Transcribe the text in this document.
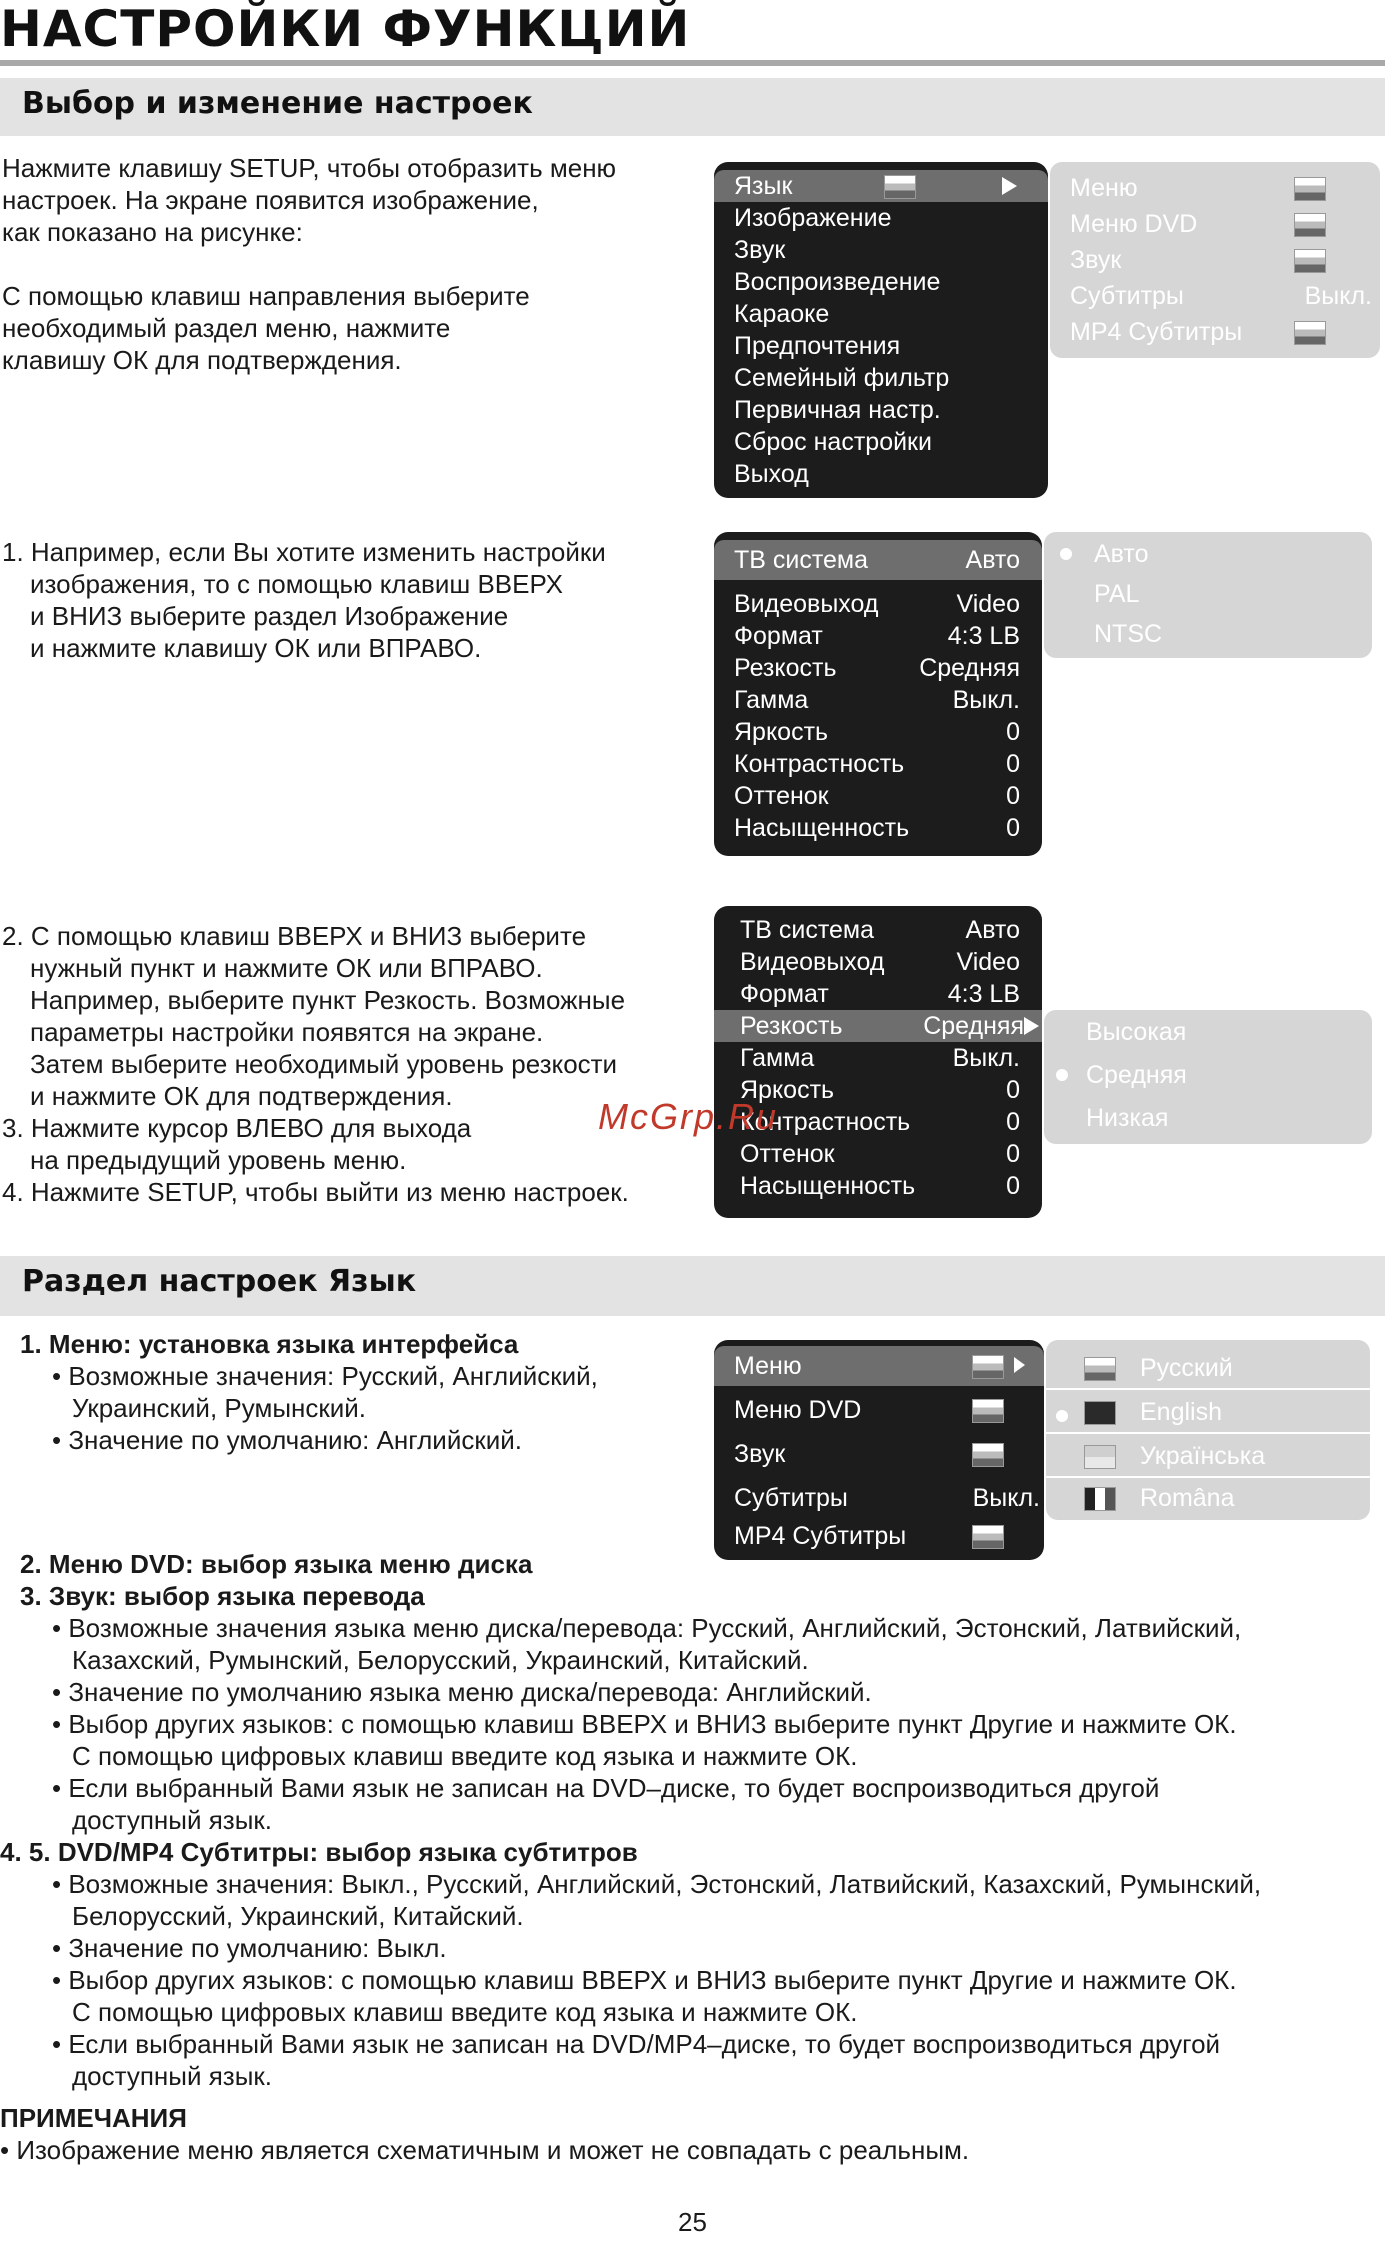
НАСТРОЙКИ ФУНКЦИЙ
Выбор и изменение настроек

Нажмите клавишу SETUP, чтобы отобразить меню

настроек. На экране появится изображение,

как показано на рисунке:

С помощью клавиш направления выберите

необходимый раздел меню, нажмите

клавишу ОК для подтверждения.

Язык
Изображение
Звук
Воспроизведение
Караоке
Предпочтения
Семейный фильтр
Первичная настр.
Сброс настройки
Выход
Меню
Меню DVD
Звук
Субтитры	Выкл.
MP4 Субтитры

1. Например, если Вы хотите изменить настройки

изображения, то с помощью клавиш ВВЕРХ

и ВНИЗ выберите раздел Изображение

и нажмите клавишу ОК или ВПРАВО.

ТВ система	Авто
Видеовыход	Video
Формат	4:3 LB
Резкость	Средняя
Гамма	Выкл.
Яркость	0
Контрастность	0
Оттенок	0
Насыщенность	0
Авто
PAL
NTSC

2. С помощью клавиш ВВЕРХ и ВНИЗ выберите

нужный пункт и нажмите ОК или ВПРАВО.

Например, выберите пункт Резкость. Возможные

параметры настройки появятся на экране.

Затем выберите необходимый уровень резкости

и нажмите ОК для подтверждения.

3. Нажмите курсор ВЛЕВО для выхода

на предыдущий уровень меню.

4. Нажмите SETUP, чтобы выйти из меню настроек.

ТВ система	Авто
Видеовыход	Video
Формат	4:3 LB
Резкость	Средняя
Гамма	Выкл.
Яркость	0
Контрастность	0
Оттенок	0
Насыщенность	0
Высокая
Средняя
Низкая
McGrp.Ru
Раздел настроек Язык

1. Меню: установка языка интерфейса

• Возможные значения: Русский, Английский,

Украинский, Румынский.

• Значение по умолчанию: Английский.

Меню
Меню DVD
Звук
Субтитры	Выкл.
MP4 Субтитры
Русский
English
Українська
Româna

2. Меню DVD: выбор языка меню диска

3. Звук: выбор языка перевода

• Возможные значения языка меню диска/перевода: Русский, Английский, Эстонский, Латвийский,

Казахский, Румынский, Белорусский, Украинский, Китайский.

• Значение по умолчанию языка меню диска/перевода: Английский.

• Выбор других языков: с помощью клавиш ВВЕРХ и ВНИЗ выберите пункт Другие и нажмите ОК.

С помощью цифровых клавиш введите код языка и нажмите ОК.

• Если выбранный Вами язык не записан на DVD–диске, то будет воспроизводиться другой

доступный язык.

4. 5. DVD/MP4 Субтитры: выбор языка субтитров

• Возможные значения: Выкл., Русский, Английский, Эстонский, Латвийский, Казахский, Румынский,

Белорусский, Украинский, Китайский.

• Значение по умолчанию: Выкл.

• Выбор других языков: с помощью клавиш ВВЕРХ и ВНИЗ выберите пункт Другие и нажмите ОК.

С помощью цифровых клавиш введите код языка и нажмите ОК.

• Если выбранный Вами язык не записан на DVD/MP4–диске, то будет воспроизводиться другой

доступный язык.

ПРИМЕЧАНИЯ

• Изображение меню является схематичным и может не совпадать с реальным.

25
